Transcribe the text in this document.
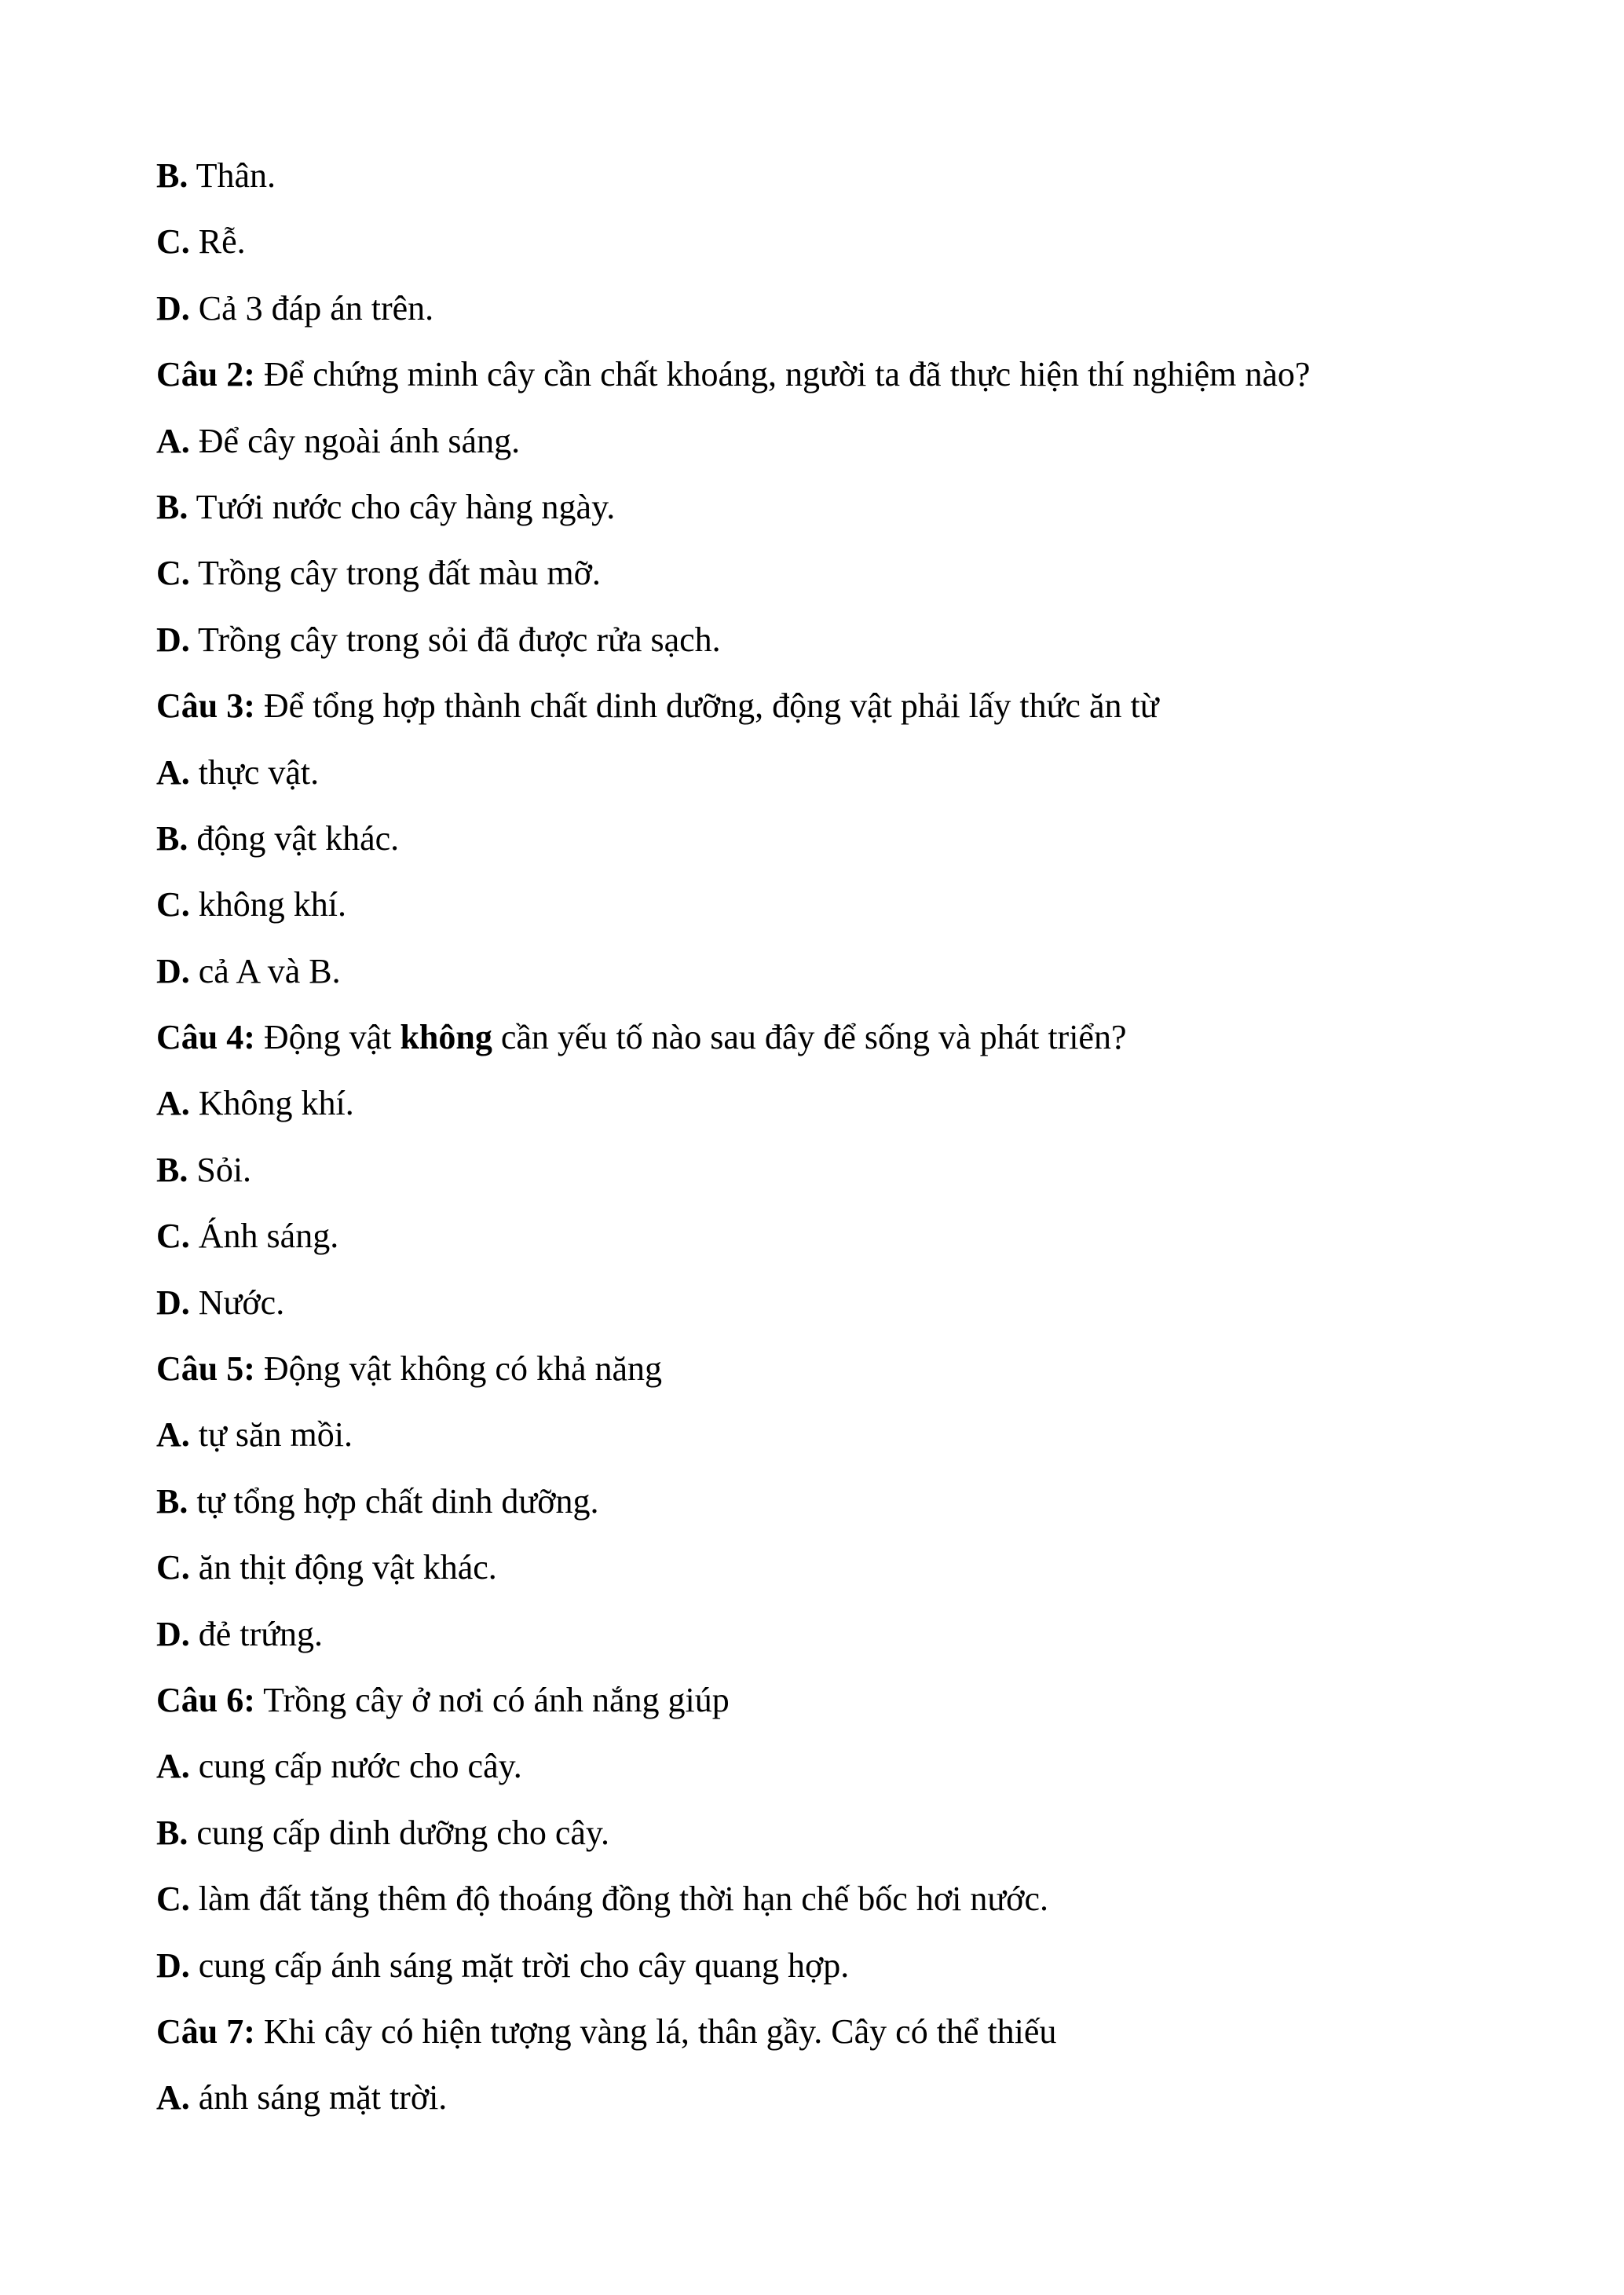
B. Thân.
C. Rễ.
D. Cả 3 đáp án trên.
Câu 2: Để chứng minh cây cần chất khoáng, người ta đã thực hiện thí nghiệm nào?
A. Để cây ngoài ánh sáng.
B. Tưới nước cho cây hàng ngày.
C. Trồng cây trong đất màu mỡ.
D. Trồng cây trong sỏi đã được rửa sạch.
Câu 3: Để tổng hợp thành chất dinh dưỡng, động vật phải lấy thức ăn từ
A. thực vật.
B. động vật khác.
C. không khí.
D. cả A và B.
Câu 4: Động vật không cần yếu tố nào sau đây để sống và phát triển?
A. Không khí.
B. Sỏi.
C. Ánh sáng.
D. Nước.
Câu 5: Động vật không có khả năng
A. tự săn mồi.
B. tự tổng hợp chất dinh dưỡng.
C. ăn thịt động vật khác.
D. đẻ trứng.
Câu 6: Trồng cây ở nơi có ánh nắng giúp
A. cung cấp nước cho cây.
B. cung cấp dinh dưỡng cho cây.
C. làm đất tăng thêm độ thoáng đồng thời hạn chế bốc hơi nước.
D. cung cấp ánh sáng mặt trời cho cây quang hợp.
Câu 7: Khi cây có hiện tượng vàng lá, thân gầy. Cây có thể thiếu
A. ánh sáng mặt trời.
